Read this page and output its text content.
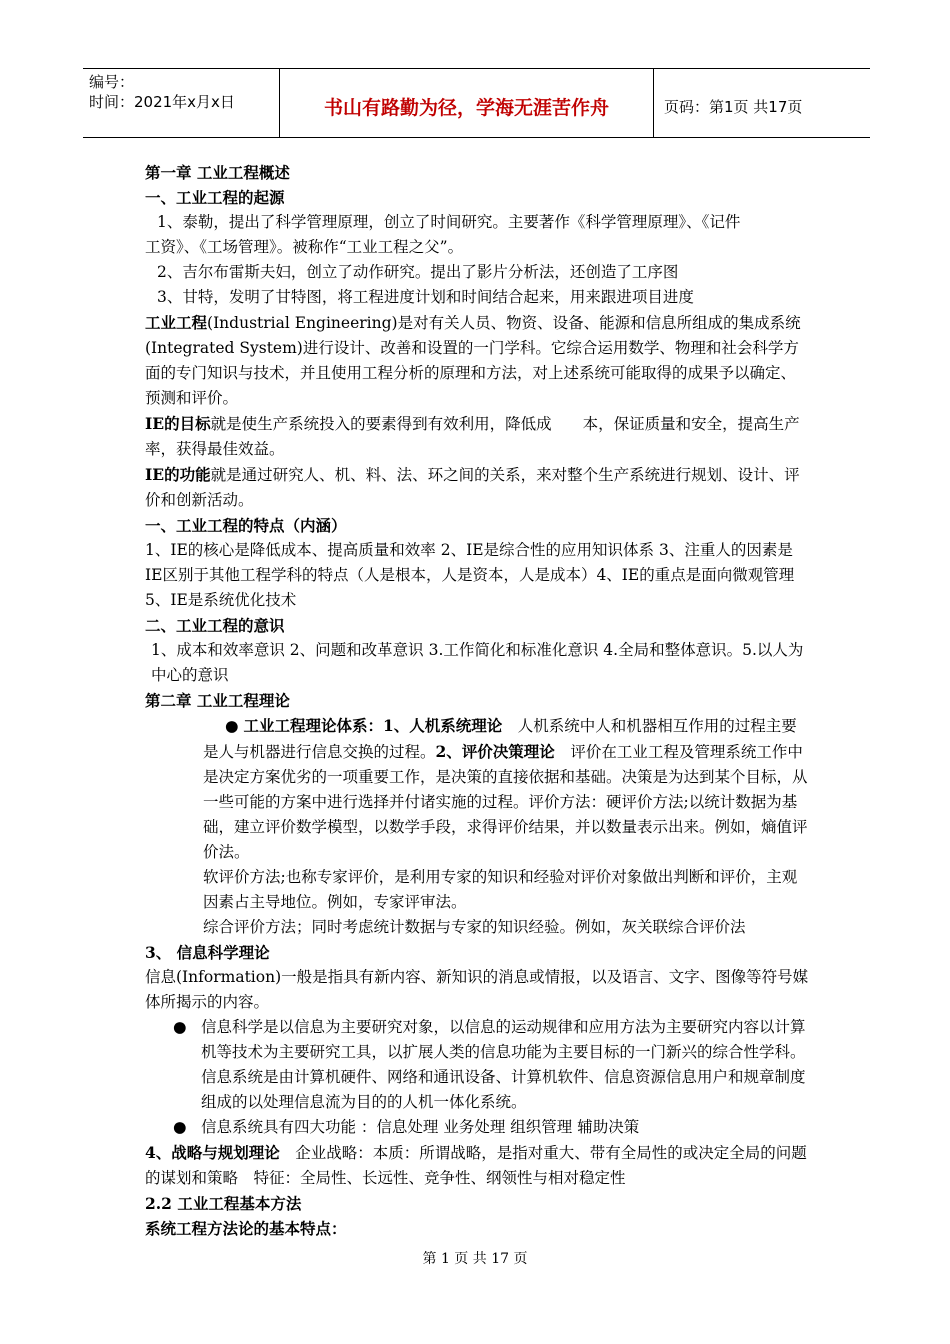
编号：
时间：2021年x月x日	书山有路勤为径，学海无涯苦作舟	页码：第1页 共17页

第一章 工业工程概述

一、工业工程的起源

1、泰勒，提出了科学管理原理，创立了时间研究。主要著作《科学管理原理》、《记件

工资》、《工场管理》。被称作“工业工程之父”。

2、吉尔布雷斯夫妇，创立了动作研究。提出了影片分析法，还创造了工序图

3、甘特，发明了甘特图，将工程进度计划和时间结合起来，用来跟进项目进度

工业工程(Industrial Engineering)是对有关人员、物资、设备、能源和信息所组成的集成系统(Integrated System)进行设计、改善和设置的一门学科。它综合运用数学、物理和社会科学方面的专门知识与技术，并且使用工程分析的原理和方法，对上述系统可能取得的成果予以确定、预测和评价。

IE的目标就是使生产系统投入的要素得到有效利用，降低成　　本，保证质量和安全，提高生产率，获得最佳效益。

IE的功能就是通过研究人、机、料、法、环之间的关系，来对整个生产系统进行规划、设计、评价和创新活动。

一、工业工程的特点（内涵）

1、IE的核心是降低成本、提高质量和效率 2、IE是综合性的应用知识体系 3、注重人的因素是IE区别于其他工程学科的特点（人是根本，人是资本，人是成本）4、IE的重点是面向微观管理 5、IE是系统优化技术

二、工业工程的意识

1、成本和效率意识 2、问题和改革意识 3.工作简化和标准化意识 4.全局和整体意识。5.以人为中心的意识

第二章 工业工程理论

● 工业工程理论体系：1、人机系统理论　人机系统中人和机器相互作用的过程主要是人与机器进行信息交换的过程。2、评价决策理论　评价在工业工程及管理系统工作中是决定方案优劣的一项重要工作，是决策的直接依据和基础。决策是为达到某个目标，从一些可能的方案中进行选择并付诸实施的过程。评价方法：硬评价方法;以统计数据为基础，建立评价数学模型，以数学手段，求得评价结果，并以数量表示出来。例如，熵值评价法。

软评价方法;也称专家评价，是利用专家的知识和经验对评价对象做出判断和评价，主观因素占主导地位。例如，专家评审法。

综合评价方法；同时考虑统计数据与专家的知识经验。例如，灰关联综合评价法

3、 信息科学理论

信息(Information)一般是指具有新内容、新知识的消息或情报，以及语言、文字、图像等符号媒体所揭示的内容。

● 信息科学是以信息为主要研究对象，以信息的运动规律和应用方法为主要研究内容以计算机等技术为主要研究工具，以扩展人类的信息功能为主要目标的一门新兴的综合性学科。信息系统是由计算机硬件、网络和通讯设备、计算机软件、信息资源信息用户和规章制度组成的以处理信息流为目的的人机一体化系统。

● 信息系统具有四大功能 ：信息处理 业务处理 组织管理 辅助决策

4、战略与规划理论　企业战略：本质：所谓战略，是指对重大、带有全局性的或决定全局的问题的谋划和策略　特征：全局性、长远性、竞争性、纲领性与相对稳定性

2.2 工业工程基本方法

系统工程方法论的基本特点：

第 1 页 共 17 页
